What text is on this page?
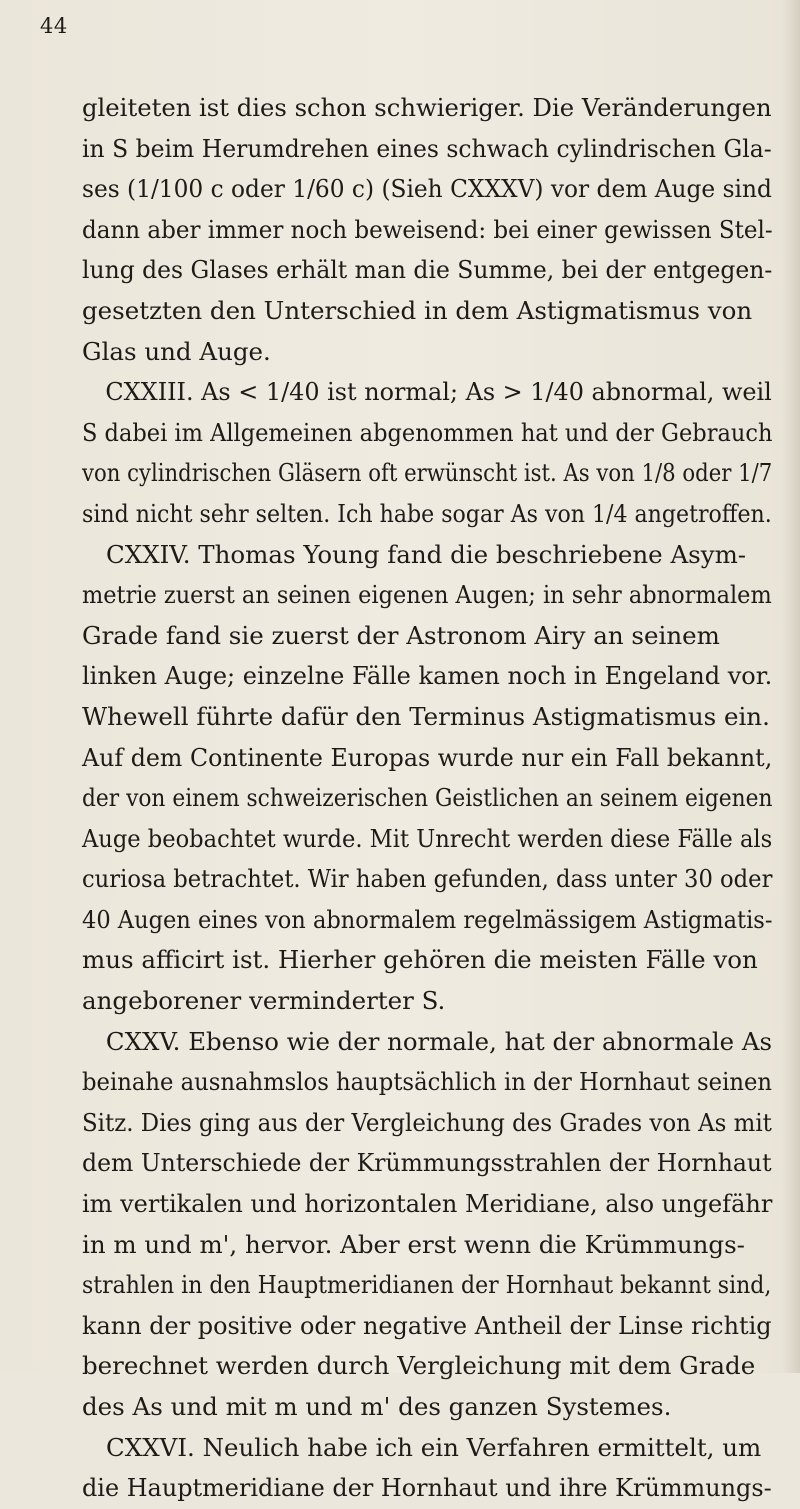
44
gleiteten ist dies schon schwieriger. Die Veränderungen
in S beim Herumdrehen eines schwach cylindrischen Gla-
ses (1/100 c oder 1/60 c) (Sieh CXXXV) vor dem Auge sind
dann aber immer noch beweisend: bei einer gewissen Stel-
lung des Glases erhält man die Summe, bei der entgegen-
gesetzten den Unterschied in dem Astigmatismus von
Glas und Auge.
CXXIII. As < 1/40 ist normal; As > 1/40 abnormal, weil
S dabei im Allgemeinen abgenommen hat und der Gebrauch
von cylindrischen Gläsern oft erwünscht ist. As von 1/8 oder 1/7
sind nicht sehr selten. Ich habe sogar As von 1/4 angetroffen.
CXXIV. Thomas Young fand die beschriebene Asym-
metrie zuerst an seinen eigenen Augen; in sehr abnormalem
Grade fand sie zuerst der Astronom Airy an seinem
linken Auge; einzelne Fälle kamen noch in Engeland vor.
Whewell führte dafür den Terminus Astigmatismus ein.
Auf dem Continente Europas wurde nur ein Fall bekannt,
der von einem schweizerischen Geistlichen an seinem eigenen
Auge beobachtet wurde. Mit Unrecht werden diese Fälle als
curiosa betrachtet. Wir haben gefunden, dass unter 30 oder
40 Augen eines von abnormalem regelmässigem Astigmatis-
mus afficirt ist. Hierher gehören die meisten Fälle von
angeborener verminderter S.
CXXV. Ebenso wie der normale, hat der abnormale As
beinahe ausnahmslos hauptsächlich in der Hornhaut seinen
Sitz. Dies ging aus der Vergleichung des Grades von As mit
dem Unterschiede der Krümmungsstrahlen der Hornhaut
im vertikalen und horizontalen Meridiane, also ungefähr
in m und m', hervor. Aber erst wenn die Krümmungs-
strahlen in den Hauptmeridianen der Hornhaut bekannt sind,
kann der positive oder negative Antheil der Linse richtig
berechnet werden durch Vergleichung mit dem Grade
des As und mit m und m' des ganzen Systemes.
CXXVI. Neulich habe ich ein Verfahren ermittelt, um
die Hauptmeridiane der Hornhaut und ihre Krümmungs-
